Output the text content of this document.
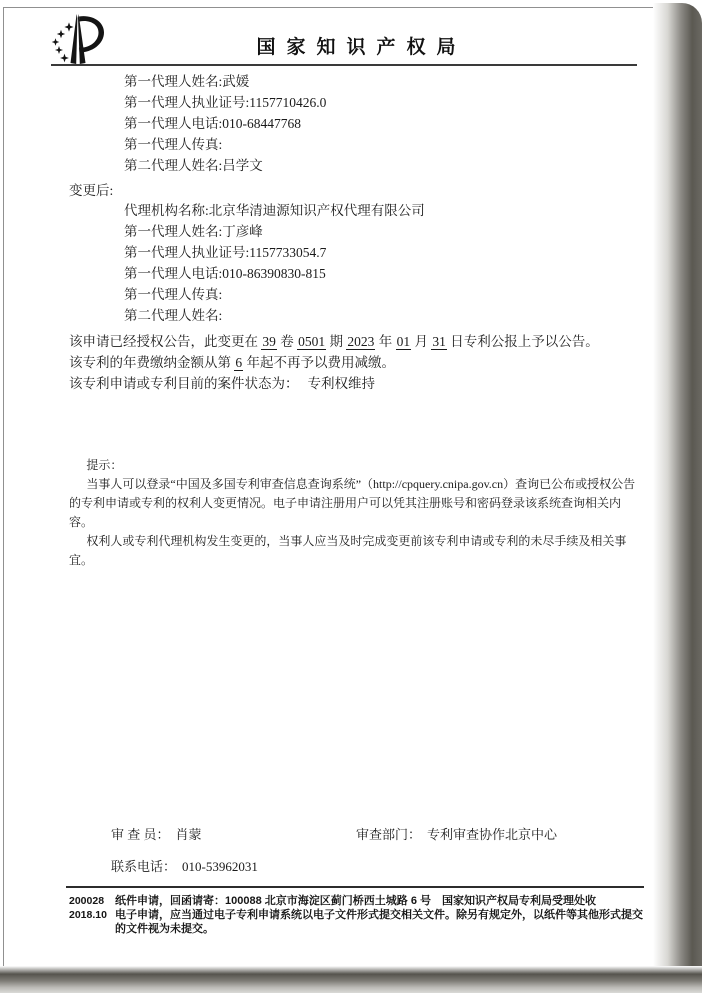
国家知识产权局
第一代理人姓名:武媛
第一代理人执业证号:1157710426.0
第一代理人电话:010-68447768
第一代理人传真:
第二代理人姓名:吕学文
变更后:
代理机构名称:北京华清迪源知识产权代理有限公司
第一代理人姓名:丁彦峰
第一代理人执业证号:1157733054.7
第一代理人电话:010-86390830-815
第一代理人传真:
第二代理人姓名:
该申请已经授权公告，此变更在 39 卷 0501 期 2023 年 01 月 31 日专利公报上予以公告。
该专利的年费缴纳金额从第 6 年起不再予以费用减缴。
该专利申请或专利目前的案件状态为： 专利权维持
提示：

当事人可以登录“中国及多国专利审查信息查询系统”（http://cpquery.cnipa.gov.cn）查询已公布或授权公告的专利申请或专利的权利人变更情况。电子申请注册用户可以凭其注册账号和密码登录该系统查询相关内容。

权利人或专利代理机构发生变更的，当事人应当及时完成变更前该专利申请或专利的未尽手续及相关事宜。

审 查 员： 肖蒙	审查部门： 专利审查协作北京中心
联系电话： 010-53962031
200028
2018.10
纸件申请，回函请寄：100088 北京市海淀区蓟门桥西土城路 6 号　国家知识产权局专利局受理处收
电子申请，应当通过电子专利申请系统以电子文件形式提交相关文件。除另有规定外，以纸件等其他形式提交的文件视为未提交。
